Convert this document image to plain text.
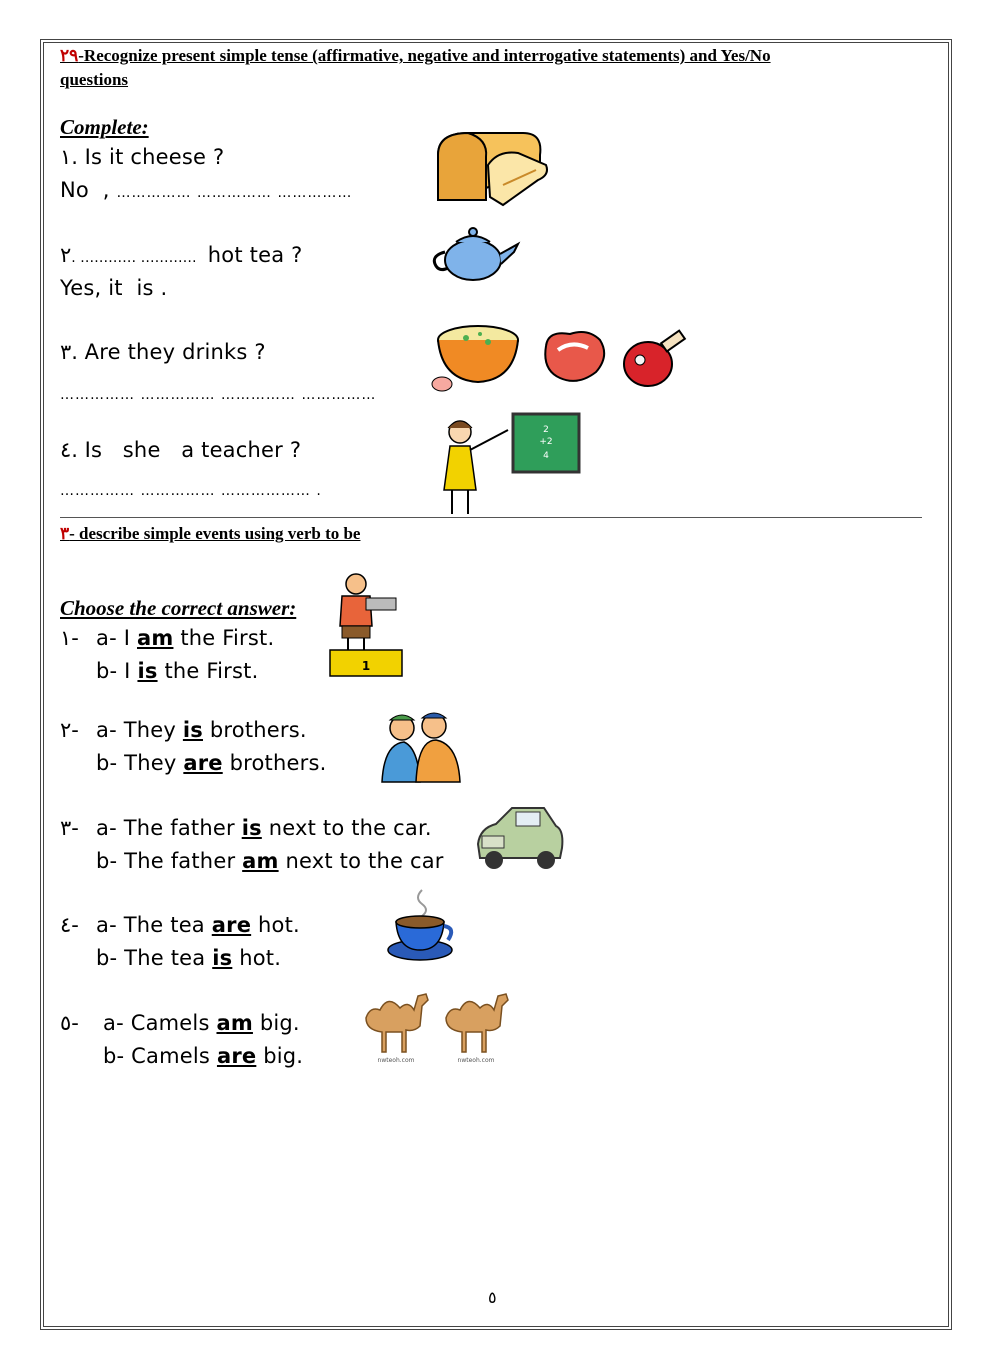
٢٩-Recognize present simple tense (affirmative, negative and interrogative statements) and Yes/No
questions
Complete:
١. Is it cheese ?
No  , …………… …………… ……………
٢. ………… …………  hot tea ?
Yes, it  is .
٣. Are they drinks ?
…………… …………… …………… ……………
٤. Is   she   a teacher ?
…………… …………… ……………… .
2
+2
4
٣- describe simple events using verb to be
Choose the correct answer:
١- a- I am the First.
b- I is the First.
٢- a- They is brothers.
b- They are brothers.
٣- a- The father is next to the car.
b- The father am next to the car
٤- a- The tea are hot.
b- The tea is hot.
٥- a- Camels am big.
b- Camels are big.
1
nwteoh.com	nwteoh.com
٥
